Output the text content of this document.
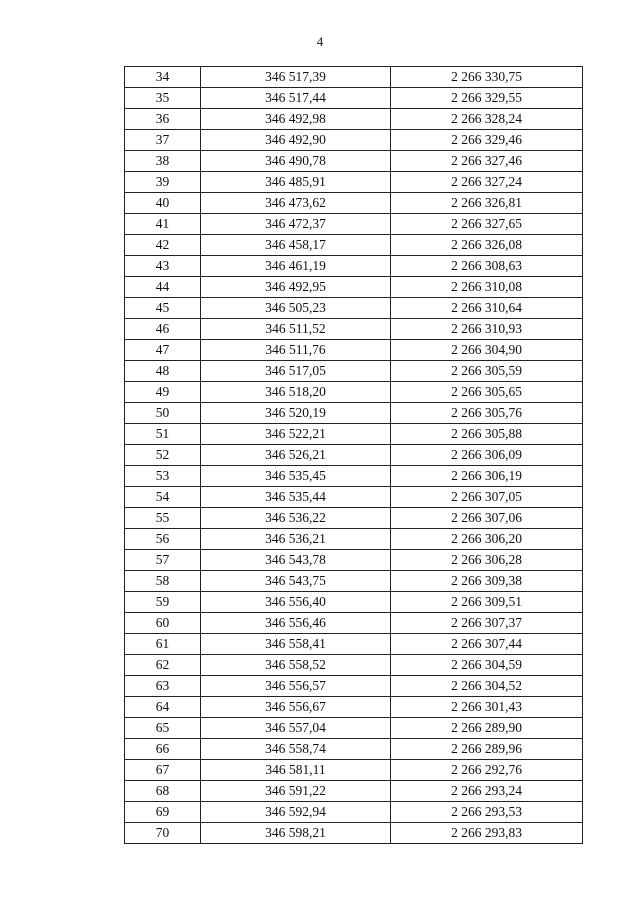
4
34	346 517,39	2 266 330,75
35	346 517,44	2 266 329,55
36	346 492,98	2 266 328,24
37	346 492,90	2 266 329,46
38	346 490,78	2 266 327,46
39	346 485,91	2 266 327,24
40	346 473,62	2 266 326,81
41	346 472,37	2 266 327,65
42	346 458,17	2 266 326,08
43	346 461,19	2 266 308,63
44	346 492,95	2 266 310,08
45	346 505,23	2 266 310,64
46	346 511,52	2 266 310,93
47	346 511,76	2 266 304,90
48	346 517,05	2 266 305,59
49	346 518,20	2 266 305,65
50	346 520,19	2 266 305,76
51	346 522,21	2 266 305,88
52	346 526,21	2 266 306,09
53	346 535,45	2 266 306,19
54	346 535,44	2 266 307,05
55	346 536,22	2 266 307,06
56	346 536,21	2 266 306,20
57	346 543,78	2 266 306,28
58	346 543,75	2 266 309,38
59	346 556,40	2 266 309,51
60	346 556,46	2 266 307,37
61	346 558,41	2 266 307,44
62	346 558,52	2 266 304,59
63	346 556,57	2 266 304,52
64	346 556,67	2 266 301,43
65	346 557,04	2 266 289,90
66	346 558,74	2 266 289,96
67	346 581,11	2 266 292,76
68	346 591,22	2 266 293,24
69	346 592,94	2 266 293,53
70	346 598,21	2 266 293,83
